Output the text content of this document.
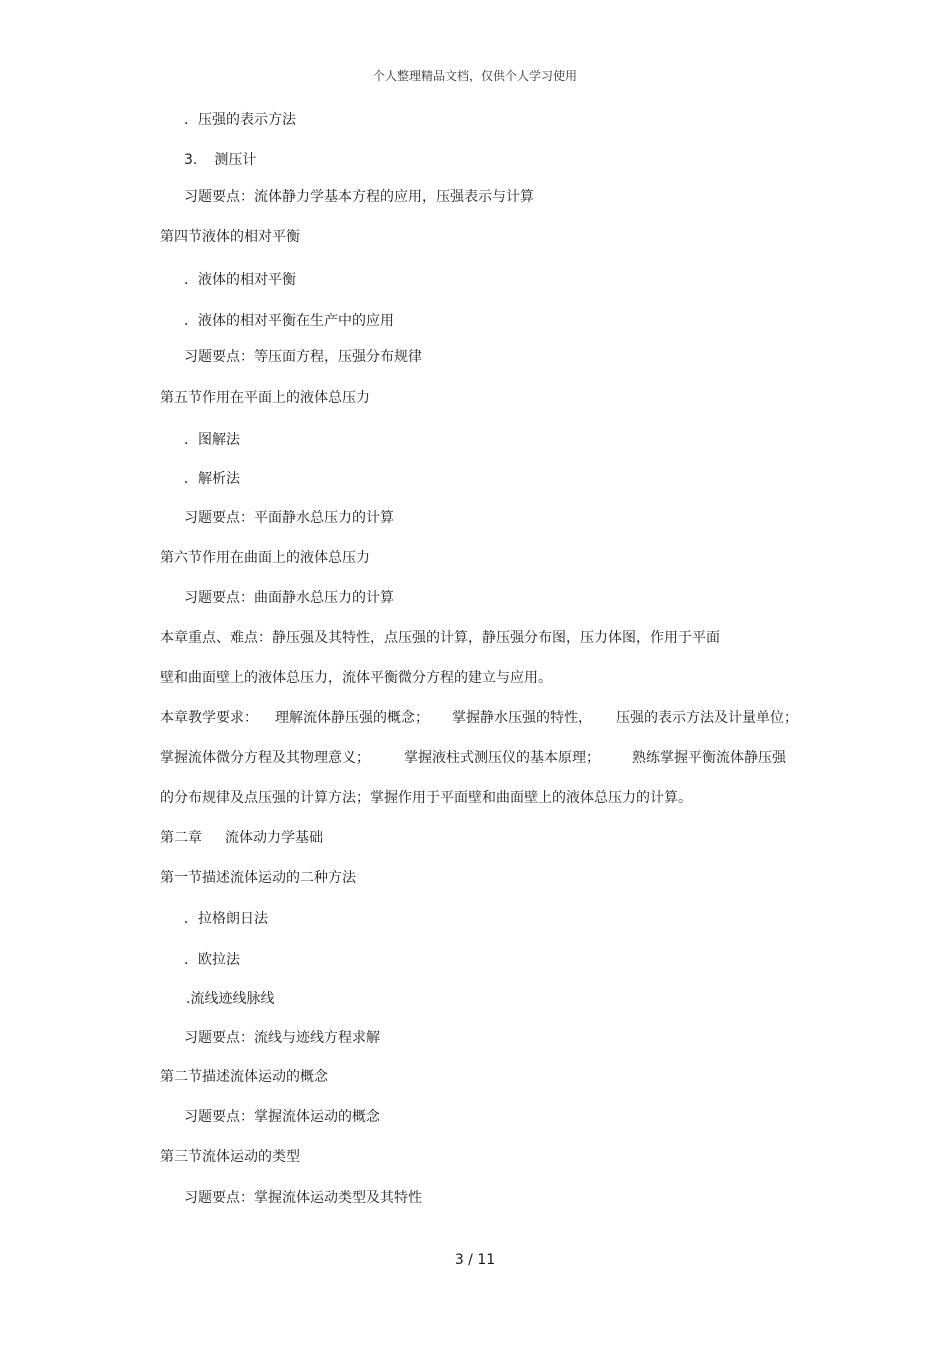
个人整理精品文档，仅供个人学习使用
．压强的表示方法
3. 测压计
习题要点：流体静力学基本方程的应用，压强表示与计算
第四节液体的相对平衡
．液体的相对平衡
．液体的相对平衡在生产中的应用
习题要点：等压面方程，压强分布规律
第五节作用在平面上的液体总压力
．图解法
．解析法
习题要点：平面静水总压力的计算
第六节作用在曲面上的液体总压力
习题要点：曲面静水总压力的计算
本章重点、难点：静压强及其特性，点压强的计算，静压强分布图，压力体图，作用于平面
壁和曲面壁上的液体总压力，流体平衡微分方程的建立与应用。
本章教学要求： 理解流体静压强的概念； 掌握静水压强的特性， 压强的表示方法及计量单位；
掌握流体微分方程及其物理意义； 掌握液柱式测压仪的基本原理； 熟练掌握平衡流体静压强
的分布规律及点压强的计算方法；掌握作用于平面壁和曲面壁上的液体总压力的计算。
第二章 流体动力学基础
第一节描述流体运动的二种方法
．拉格朗日法
．欧拉法
.流线迹线脉线
习题要点：流线与迹线方程求解
第二节描述流体运动的概念
习题要点：掌握流体运动的概念
第三节流体运动的类型
习题要点：掌握流体运动类型及其特性
3 / 11
